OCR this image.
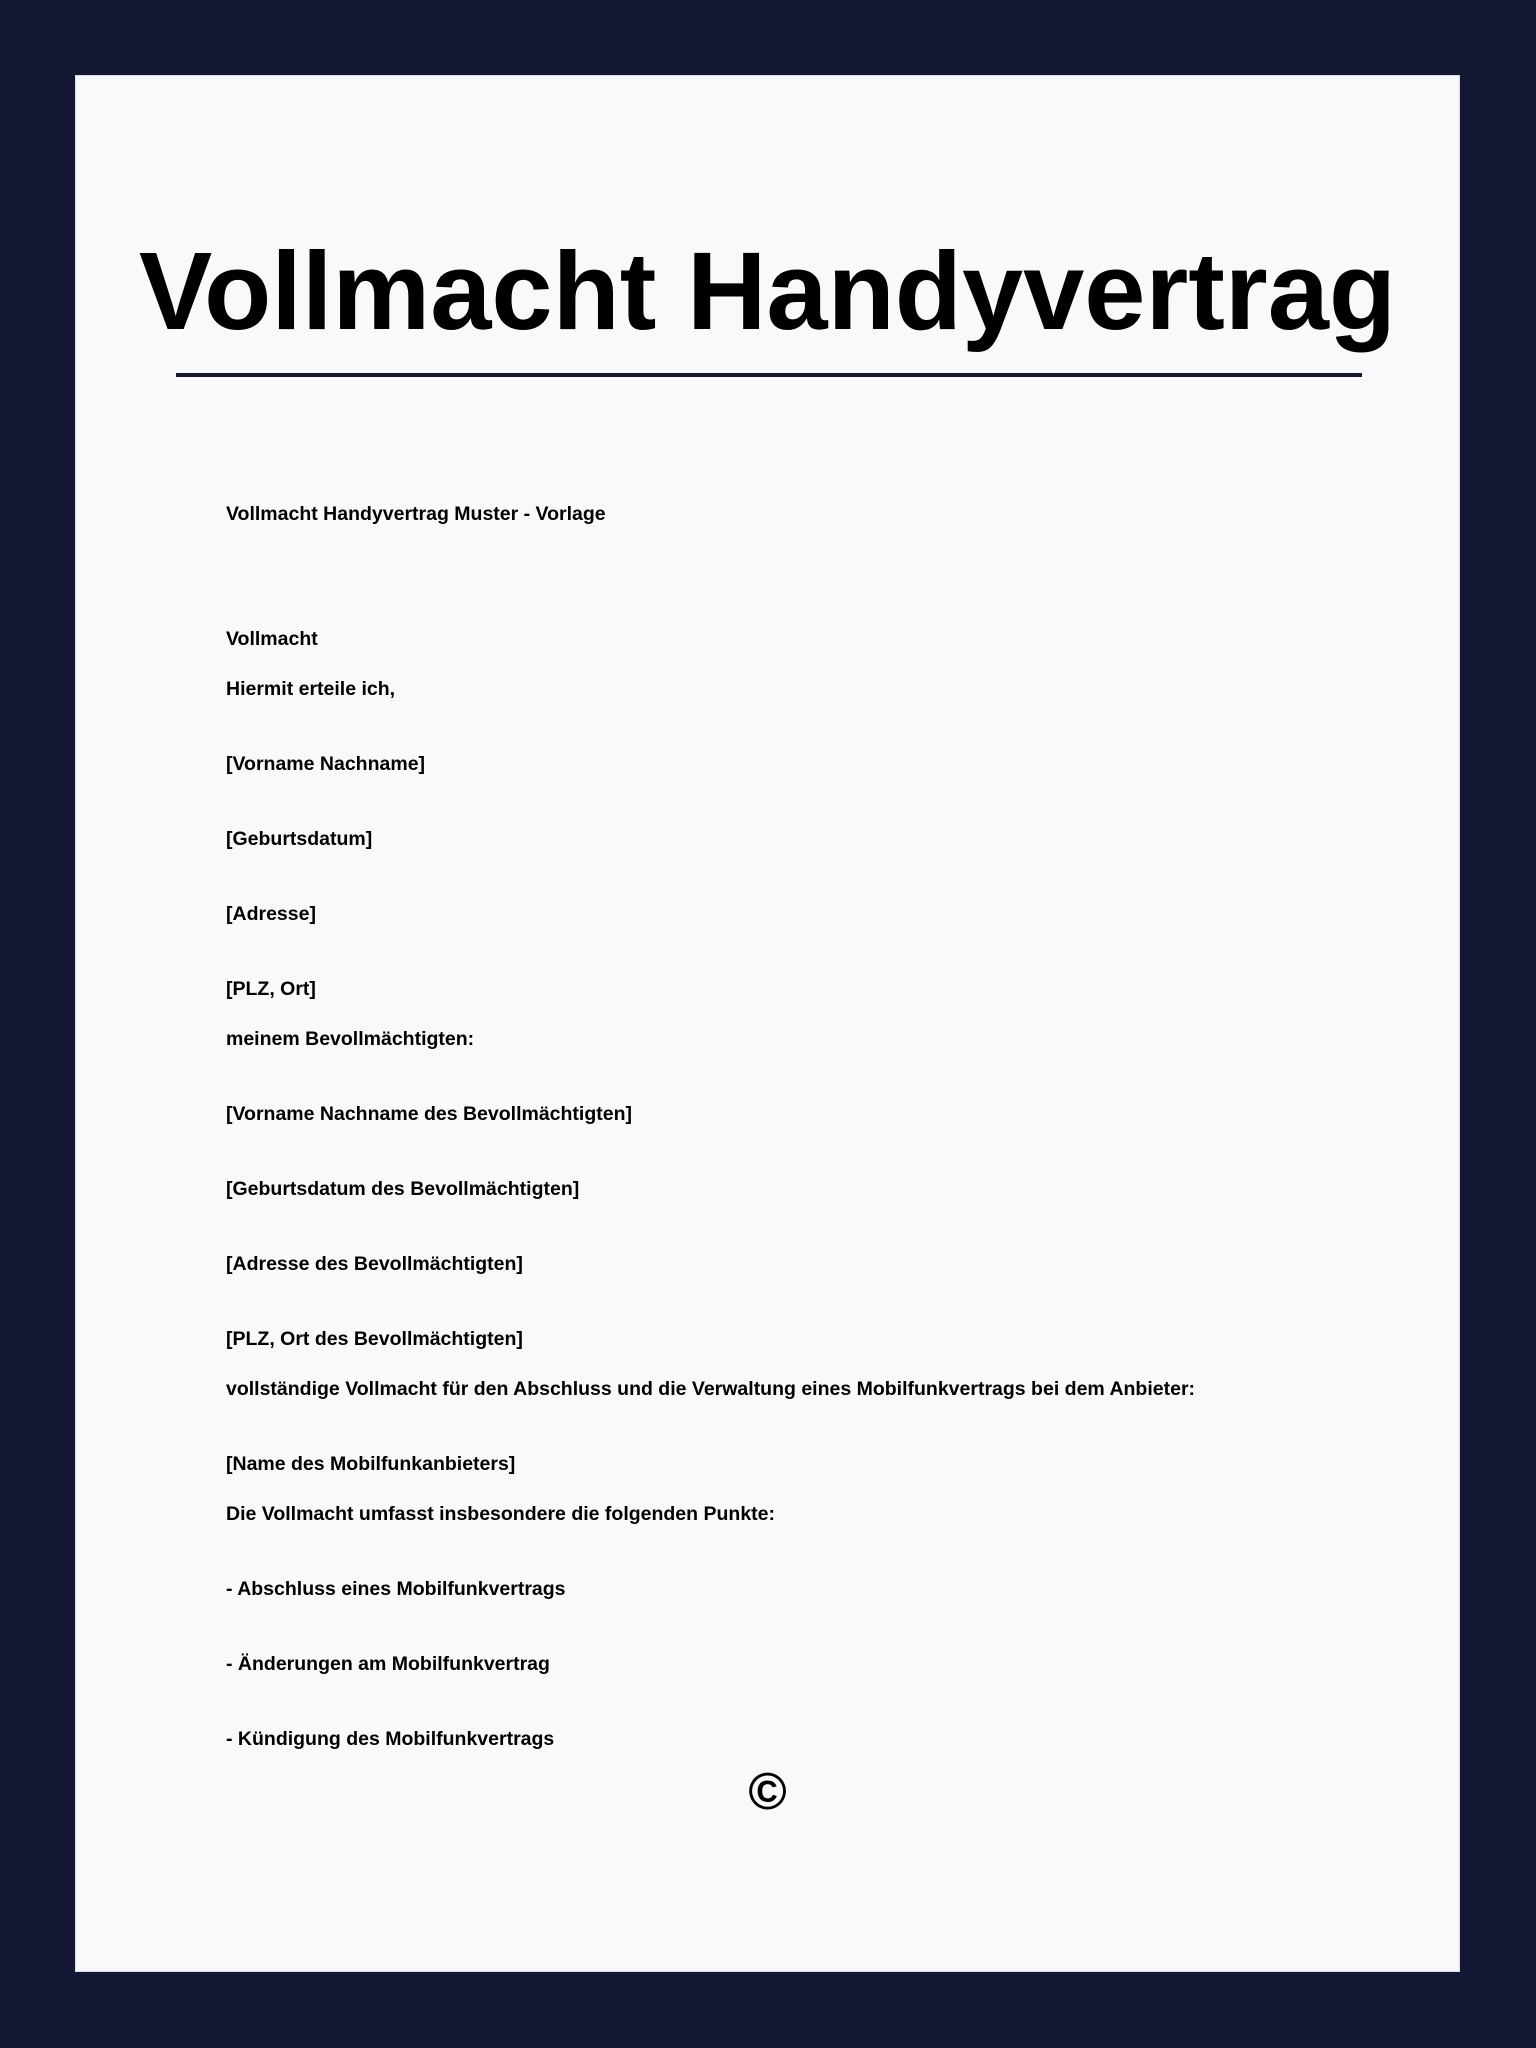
Vollmacht Handyvertrag
Vollmacht Handyvertrag Muster - Vorlage
Vollmacht
Hiermit erteile ich,
[Vorname Nachname]
[Geburtsdatum]
[Adresse]
[PLZ, Ort]
meinem Bevollmächtigten:
[Vorname Nachname des Bevollmächtigten]
[Geburtsdatum des Bevollmächtigten]
[Adresse des Bevollmächtigten]
[PLZ, Ort des Bevollmächtigten]
vollständige Vollmacht für den Abschluss und die Verwaltung eines Mobilfunkvertrags bei dem Anbieter:
[Name des Mobilfunkanbieters]
Die Vollmacht umfasst insbesondere die folgenden Punkte:
- Abschluss eines Mobilfunkvertrags
- Änderungen am Mobilfunkvertrag
- Kündigung des Mobilfunkvertrags
©
